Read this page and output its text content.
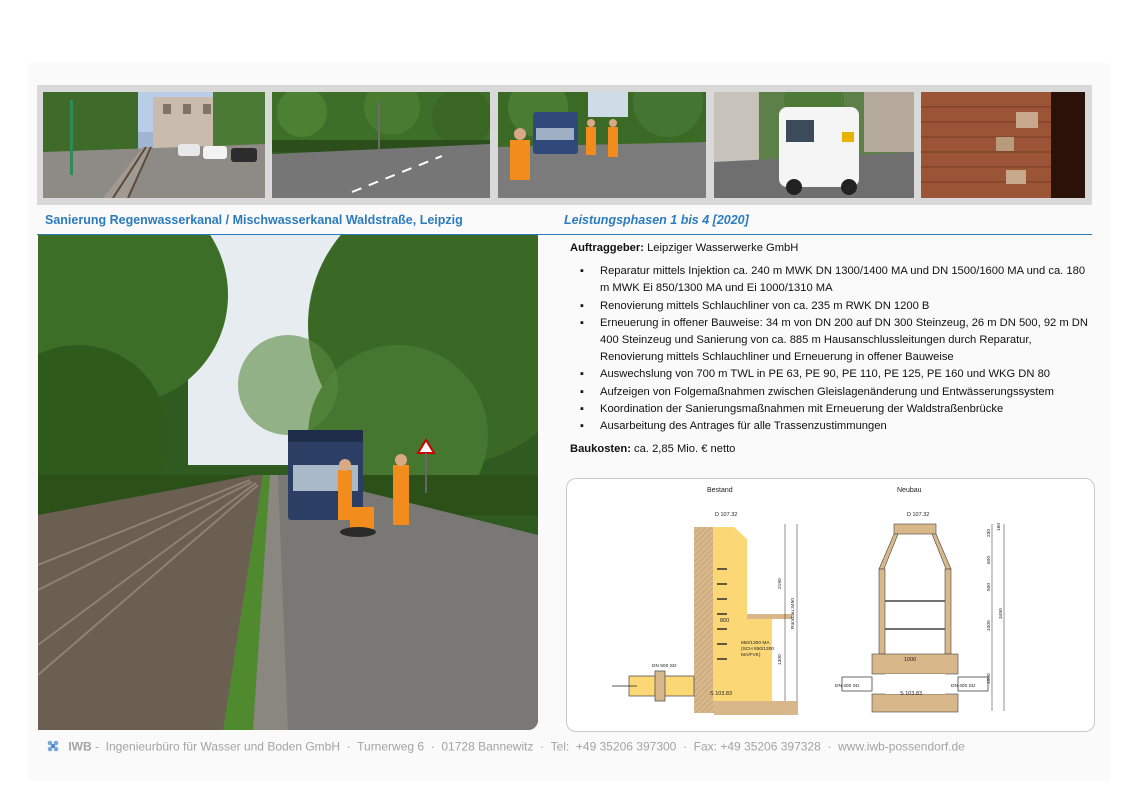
Sanierung Regenwasserkanal / Mischwasserkanal Waldstraße, Leipzig	Leistungsphasen 1 bis 4 [2020]
Auftraggeber: Leipziger Wasserwerke GmbH
▪ Reparatur mittels Injektion ca. 240 m MWK DN 1300/1400 MA und DN 1500/1600 MA und ca. 180 m MWK Ei 850/1300 MA und Ei 1000/1310 MA
▪ Renovierung mittels Schlauchliner von ca. 235 m RWK DN 1200 B
▪ Erneuerung in offener Bauweise: 34 m von DN 200 auf DN 300 Steinzeug, 26 m DN 500, 92 m DN 400 Steinzeug und Sanierung von ca. 885 m Hausanschlussleitungen durch Reparatur, Renovierung mittels Schlauchliner und Erneuerung in offener Bauweise
▪ Auswechslung von 700 m TWL in PE 63, PE 90, PE 110, PE 125, PE 160 und WKG DN 80
▪ Aufzeigen von Folgemaßnahmen zwischen Gleislagenänderung und Entwässerungssystem
▪ Koordination der Sanierungsmaßnahmen mit Erneuerung der Waldstraßenbrücke
▪ Ausarbeitung des Antrages für alle Trassenzustimmungen
Baukosten: ca. 2,85 Mio. € netto
Bestand
D 107.32
800
DN 500 Stz
S 103.83
850/1300 MA
(SCH 850/1300
MA/FVK)
2190
Rückbau 3490
1300
Neubau
D 107.32
1000
DN 400 Stz	DN 400 Stz
S 103.83
230
160
600
500
1000
3490
1000
IWB -  Ingenieurbüro für Wasser und Boden GmbH  ·  Turnerweg 6  ·  01728 Bannewitz  ·  Tel:  +49 35206 397300  ·  Fax: +49 35206 397328  ·  www.iwb-possendorf.de
